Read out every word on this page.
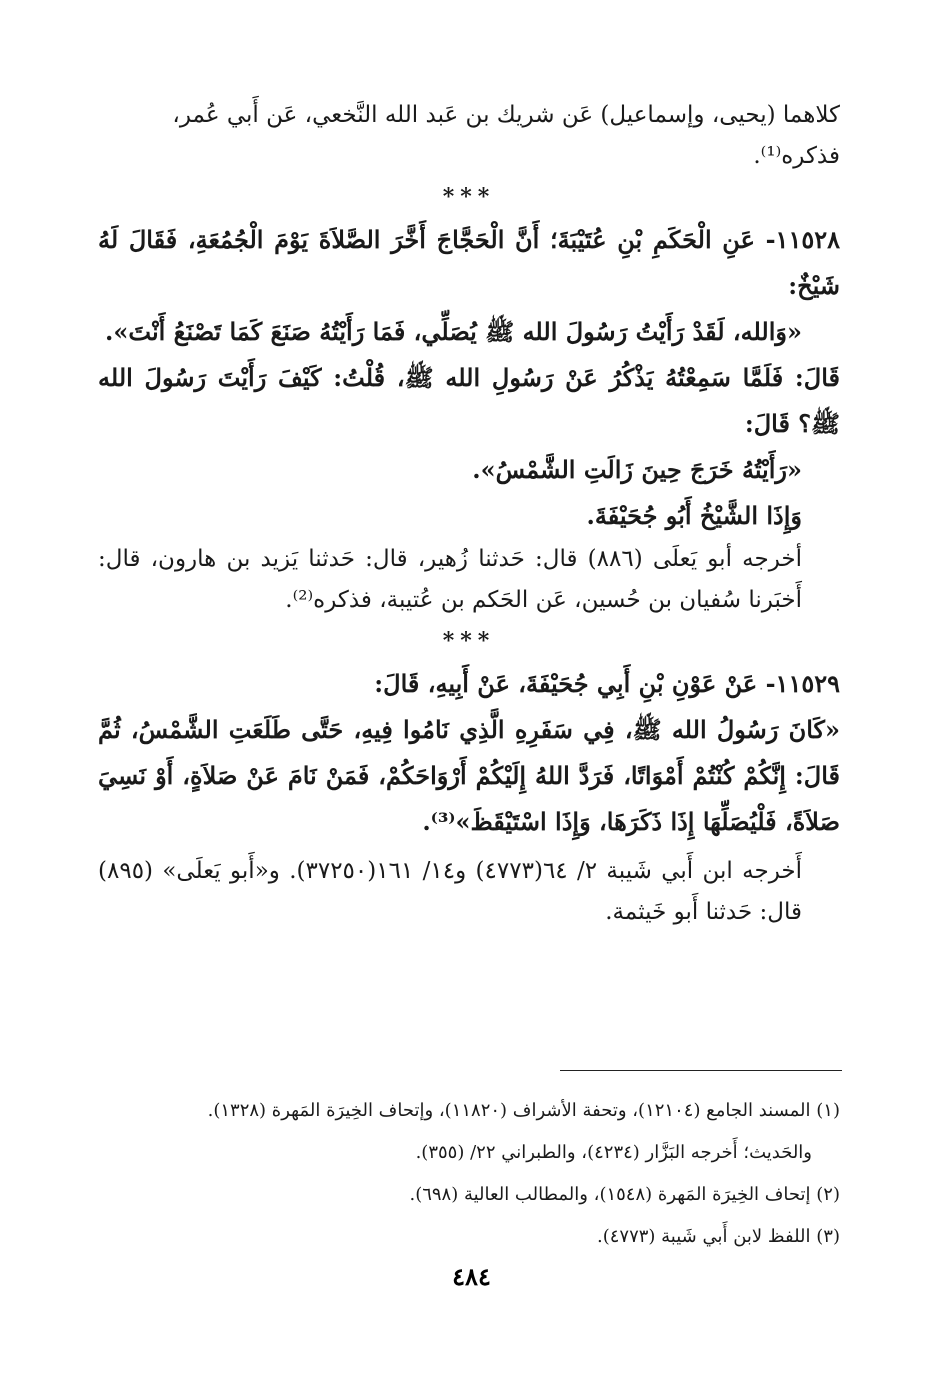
كلاهما (يحيى، وإسماعيل) عَن شريك بن عَبد الله النَّخعي، عَن أَبي عُمر،
فذكره⁽¹⁾.
***
١١٥٢٨- عَنِ الْحَكَمِ بْنِ عُتَيْبَةَ؛ أَنَّ الْحَجَّاجَ أَخَّرَ الصَّلاَةَ يَوْمَ الْجُمُعَةِ، فَقَالَ لَهُ شَيْخٌ:
«وَالله، لَقَدْ رَأَيْتُ رَسُولَ الله ﷺ يُصَلِّي، فَمَا رَأَيْتُهُ صَنَعَ كَمَا تَصْنَعُ أَنْتَ».
قَالَ: فَلَمَّا سَمِعْتُهُ يَذْكُرُ عَنْ رَسُولِ الله ﷺ، قُلْتُ: كَيْفَ رَأَيْتَ رَسُولَ الله ﷺ؟ قَالَ:
«رَأَيْتُهُ خَرَجَ حِينَ زَالَتِ الشَّمْسُ».
وَإِذَا الشَّيْخُ أَبُو جُحَيْفَةَ.
أخرجه أبو يَعلَى (٨٨٦) قال: حَدثنا زُهير، قال: حَدثنا يَزيد بن هارون، قال: أَخبَرنا سُفيان بن حُسين، عَن الحَكم بن عُتيبة، فذكره⁽²⁾.
***
١١٥٢٩- عَنْ عَوْنِ بْنِ أَبِي جُحَيْفَةَ، عَنْ أَبِيهِ، قَالَ:
«كَانَ رَسُولُ الله ﷺ، فِي سَفَرِهِ الَّذِي نَامُوا فِيهِ، حَتَّى طَلَعَتِ الشَّمْسُ، ثُمَّ قَالَ: إِنَّكُمْ كُنْتُمْ أَمْوَاتًا، فَرَدَّ اللهُ إِلَيْكُمْ أَرْوَاحَكُمْ، فَمَنْ نَامَ عَنْ صَلاَةٍ، أَوْ نَسِيَ صَلاَةً، فَلْيُصَلِّهَا إِذَا ذَكَرَهَا، وَإِذَا اسْتَيْقَظَ»⁽³⁾.
أَخرجه ابن أَبي شَيبة ٢/ ٦٤(٤٧٧٣) و١٤/ ١٦١(٣٧٢٥٠). و«أَبو يَعلَى» (٨٩٥) قال: حَدثنا أَبو خَيثمة.
(١) المسند الجامع (١٢١٠٤)، وتحفة الأشراف (١١٨٢٠)، وإتحاف الخِيرَة المَهرة (١٣٢٨).
والحَديث؛ أَخرجه البَزَّار (٤٢٣٤)، والطبراني ٢٢/ (٣٥٥).
(٢) إتحاف الخِيرَة المَهرة (١٥٤٨)، والمطالب العالية (٦٩٨).
(٣) اللفظ لابن أَبي شَيبة (٤٧٧٣).
٤٨٤
